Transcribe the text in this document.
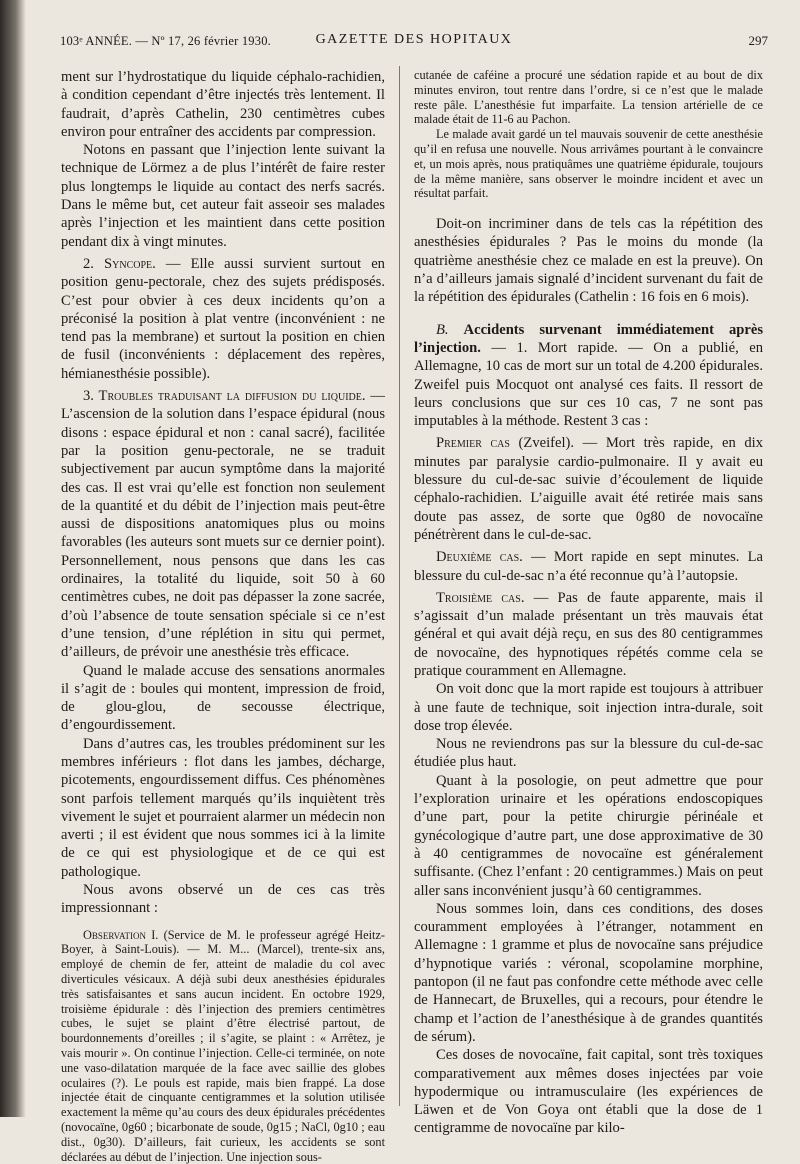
103ᵉ ANNÉE. — Nº 17, 26 février 1930.	GAZETTE DES HOPITAUX	297

ment sur l’hydrostatique du liquide céphalo-rachidien, à condition cependant d’être injectés très lentement. Il faudrait, d’après Cathelin, 230 centimètres cubes environ pour entraîner des accidents par compression.

Notons en passant que l’injection lente suivant la technique de Lörmez a de plus l’intérêt de faire rester plus longtemps le liquide au contact des nerfs sacrés. Dans le même but, cet auteur fait asseoir ses malades après l’injection et les maintient dans cette position pendant dix à vingt minutes.

2. Syncope. — Elle aussi survient surtout en position genu-pectorale, chez des sujets prédisposés. C’est pour obvier à ces deux incidents qu’on a préconisé la position à plat ventre (inconvénient : ne tend pas la membrane) et surtout la position en chien de fusil (inconvénients : déplacement des repères, hémianesthésie possible).

3. Troubles traduisant la diffusion du liquide. — L’ascension de la solution dans l’espace épidural (nous disons : espace épidural et non : canal sacré), facilitée par la position genu-pectorale, ne se traduit subjectivement par aucun symptôme dans la majorité des cas. Il est vrai qu’elle est fonction non seulement de la quantité et du débit de l’injection mais peut-être aussi de dispositions anatomiques plus ou moins favorables (les auteurs sont muets sur ce dernier point). Personnellement, nous pensons que dans les cas ordinaires, la totalité du liquide, soit 50 à 60 centimètres cubes, ne doit pas dépasser la zone sacrée, d’où l’absence de toute sensation spéciale si ce n’est d’une tension, d’une réplétion in situ qui permet, d’ailleurs, de prévoir une anesthésie très efficace.

Quand le malade accuse des sensations anormales il s’agit de : boules qui montent, impression de froid, de glou-glou, de secousse électrique, d’engourdissement.

Dans d’autres cas, les troubles prédominent sur les membres inférieurs : flot dans les jambes, décharge, picotements, engourdissement diffus. Ces phénomènes sont parfois tellement marqués qu’ils inquiètent très vivement le sujet et pourraient alarmer un médecin non averti ; il est évident que nous sommes ici à la limite de ce qui est physiologique et de ce qui est pathologique.

Nous avons observé un de ces cas très impressionnant :

Observation I. (Service de M. le professeur agrégé Heitz-Boyer, à Saint-Louis). — M. M... (Marcel), trente-six ans, employé de chemin de fer, atteint de maladie du col avec diverticules vésicaux. A déjà subi deux anesthésies épidurales très satisfaisantes et sans aucun incident. En octobre 1929, troisième épidurale : dès l’injection des premiers centimètres cubes, le sujet se plaint d’être électrisé partout, de bourdonnements d’oreilles ; il s’agite, se plaint : « Arrêtez, je vais mourir ». On continue l’injection. Celle-ci terminée, on note une vaso-dilatation marquée de la face avec saillie des globes oculaires (?). Le pouls est rapide, mais bien frappé. La dose injectée était de cinquante centigrammes et la solution utilisée exactement la même qu’au cours des deux épidurales précédentes (novocaïne, 0g60 ; bicarbonate de soude, 0g15 ; NaCl, 0g10 ; eau dist., 0g30). D’ailleurs, fait curieux, les accidents se sont déclarées au début de l’injection. Une injection sous-

cutanée de caféine a procuré une sédation rapide et au bout de dix minutes environ, tout rentre dans l’ordre, si ce n’est que le malade reste pâle. L’anesthésie fut imparfaite. La tension artérielle de ce malade était de 11-6 au Pachon.

Le malade avait gardé un tel mauvais souvenir de cette anesthésie qu’il en refusa une nouvelle. Nous arrivâmes pourtant à le convaincre et, un mois après, nous pratiquâmes une quatrième épidurale, toujours de la même manière, sans observer le moindre incident et avec un résultat parfait.

Doit-on incriminer dans de tels cas la répétition des anesthésies épidurales ? Pas le moins du monde (la quatrième anesthésie chez ce malade en est la preuve). On n’a d’ailleurs jamais signalé d’incident survenant du fait de la répétition des épidurales (Cathelin : 16 fois en 6 mois).

B. Accidents survenant immédiatement après l’injection. — 1. Mort rapide. — On a publié, en Allemagne, 10 cas de mort sur un total de 4.200 épidurales. Zweifel puis Mocquot ont analysé ces faits. Il ressort de leurs conclusions que sur ces 10 cas, 7 ne sont pas imputables à la méthode. Restent 3 cas :

Premier cas (Zveifel). — Mort très rapide, en dix minutes par paralysie cardio-pulmonaire. Il y avait eu blessure du cul-de-sac suivie d’écoulement de liquide céphalo-rachidien. L’aiguille avait été retirée mais sans doute pas assez, de sorte que 0g80 de novocaïne pénétrèrent dans le cul-de-sac.

Deuxième cas. — Mort rapide en sept minutes. La blessure du cul-de-sac n’a été reconnue qu’à l’autopsie.

Troisième cas. — Pas de faute apparente, mais il s’agissait d’un malade présentant un très mauvais état général et qui avait déjà reçu, en sus des 80 centigrammes de novocaïne, des hypnotiques répétés comme cela se pratique couramment en Allemagne.

On voit donc que la mort rapide est toujours à attribuer à une faute de technique, soit injection intra-durale, soit dose trop élevée.

Nous ne reviendrons pas sur la blessure du cul-de-sac étudiée plus haut.

Quant à la posologie, on peut admettre que pour l’exploration urinaire et les opérations endoscopiques d’une part, pour la petite chirurgie périnéale et gynécologique d’autre part, une dose approximative de 30 à 40 centigrammes de novocaïne est généralement suffisante. (Chez l’enfant : 20 centigrammes.) Mais on peut aller sans inconvénient jusqu’à 60 centigrammes.

Nous sommes loin, dans ces conditions, des doses couramment employées à l’étranger, notamment en Allemagne : 1 gramme et plus de novocaïne sans préjudice d’hypnotique variés : véronal, scopolamine morphine, pantopon (il ne faut pas confondre cette méthode avec celle de Hannecart, de Bruxelles, qui a recours, pour étendre le champ et l’action de l’anesthésique à de grandes quantités de sérum).

Ces doses de novocaïne, fait capital, sont très toxiques comparativement aux mêmes doses injectées par voie hypodermique ou intramusculaire (les expériences de Läwen et de Von Goya ont établi que la dose de 1 centigramme de novocaïne par kilo-
